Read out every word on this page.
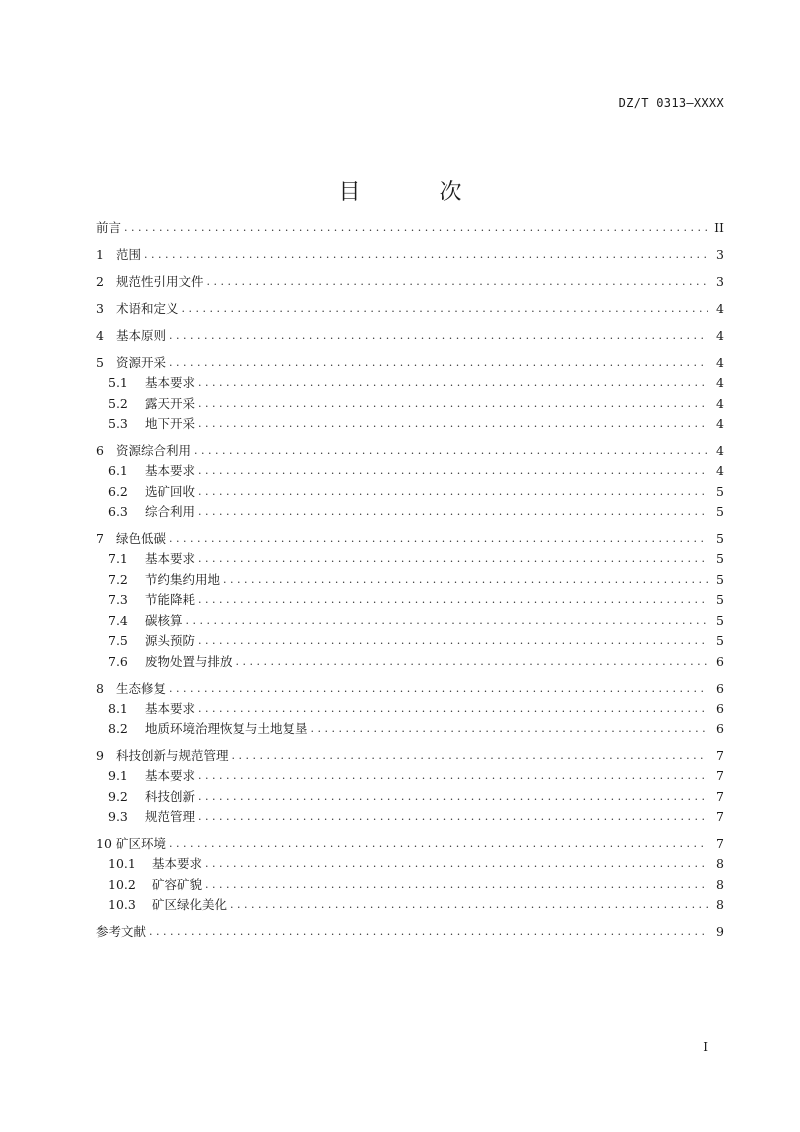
DZ/T 0313—XXXX
目 次
前言 . . .	II
1 范围 . . .	3
2 规范性引用文件 . . .	3
3 术语和定义 . . .	4
4 基本原则 . . .	4
5 资源开采 . . .	4
5.1	基本要求 . . .	4
5.2	露天开采 . . .	4
5.3	地下开采 . . .	4
6 资源综合利用 . . .	4
6.1	基本要求 . . .	4
6.2	选矿回收 . . .	5
6.3	综合利用 . . .	5
7 绿色低碳 . . .	5
7.1	基本要求 . . .	5
7.2	节约集约用地 . . .	5
7.3	节能降耗 . . .	5
7.4	碳核算 . . .	5
7.5	源头预防 . . .	5
7.6	废物处置与排放 . . .	6
8 生态修复 . . .	6
8.1	基本要求 . . .	6
8.2	地质环境治理恢复与土地复垦 . . .	6
9 科技创新与规范管理 . . .	7
9.1	基本要求 . . .	7
9.2	科技创新 . . .	7
9.3	规范管理 . . .	7
10 矿区环境 . . .	7
10.1	基本要求 . . .	8
10.2	矿容矿貌 . . .	8
10.3	矿区绿化美化 . . .	8
参考文献 . . .	9
I
